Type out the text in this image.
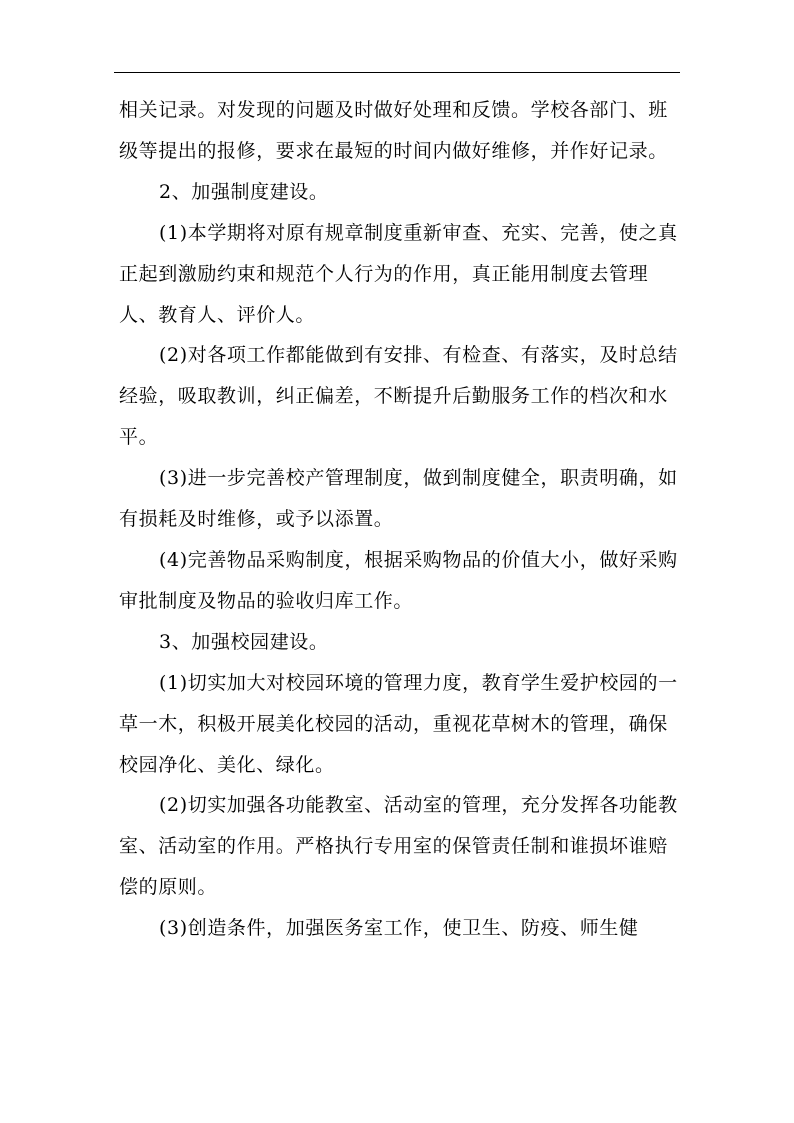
相关记录。对发现的问题及时做好处理和反馈。学校各部门、班级等提出的报修，要求在最短的时间内做好维修，并作好记录。

2、加强制度建设。

(1)本学期将对原有规章制度重新审查、充实、完善，使之真正起到激励约束和规范个人行为的作用，真正能用制度去管理人、教育人、评价人。

(2)对各项工作都能做到有安排、有检查、有落实，及时总结经验，吸取教训，纠正偏差，不断提升后勤服务工作的档次和水平。

(3)进一步完善校产管理制度，做到制度健全，职责明确，如有损耗及时维修，或予以添置。

(4)完善物品采购制度，根据采购物品的价值大小，做好采购审批制度及物品的验收归库工作。

3、加强校园建设。

(1)切实加大对校园环境的管理力度，教育学生爱护校园的一草一木，积极开展美化校园的活动，重视花草树木的管理，确保校园净化、美化、绿化。

(2)切实加强各功能教室、活动室的管理，充分发挥各功能教室、活动室的作用。严格执行专用室的保管责任制和谁损坏谁赔偿的原则。

(3)创造条件，加强医务室工作，使卫生、防疫、师生健
